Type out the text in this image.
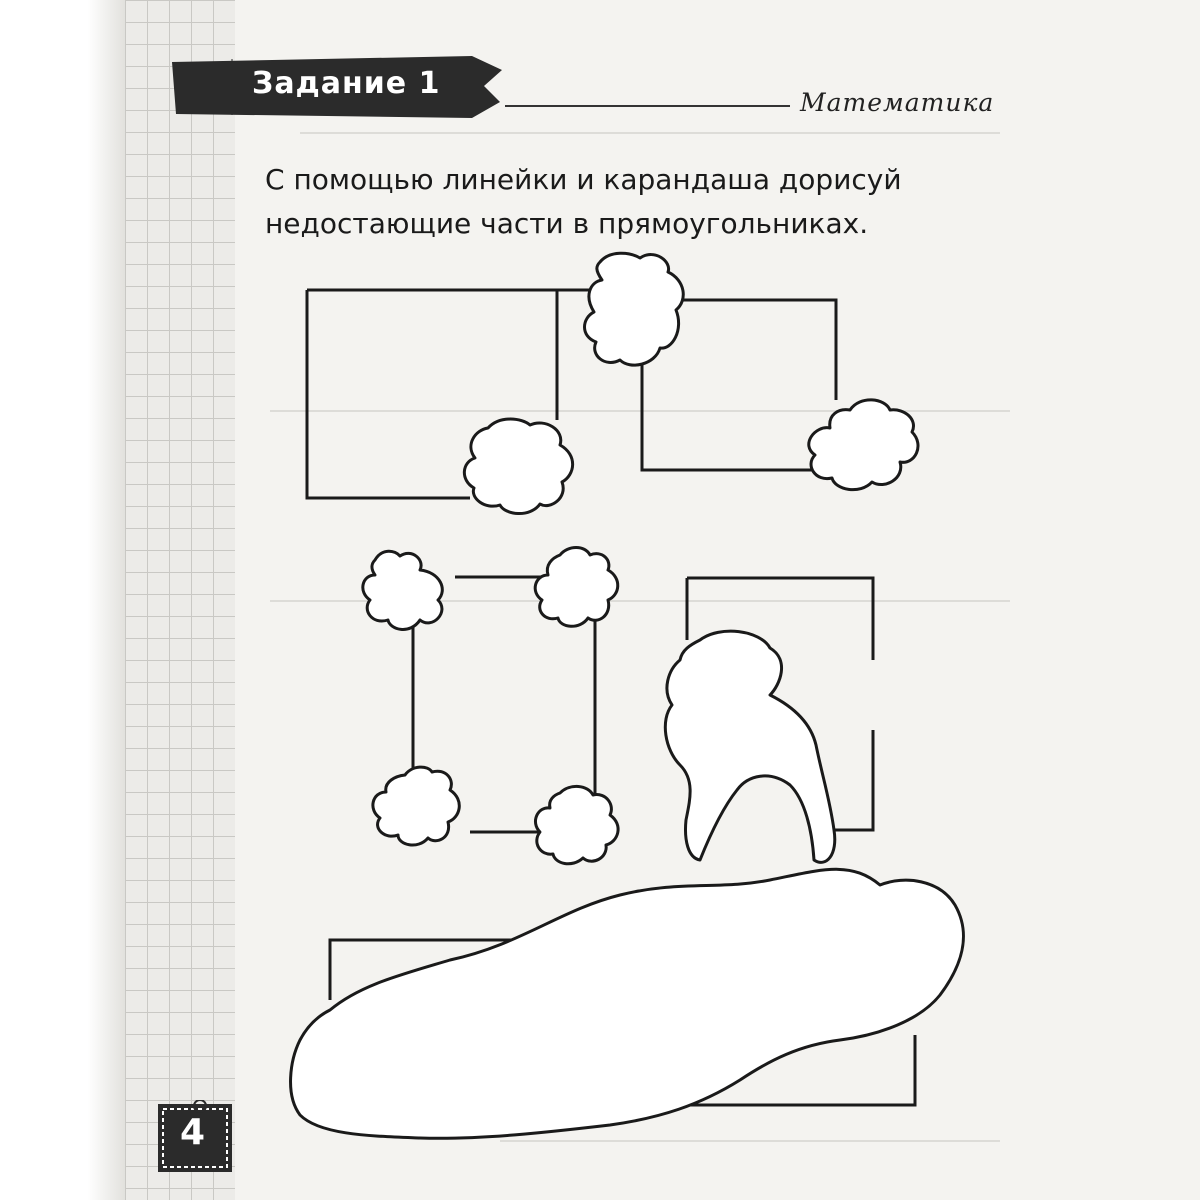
Задание 1
Математика
С помощью линейки и карандаша дорисуй недостающие части в прямоугольниках.
4
